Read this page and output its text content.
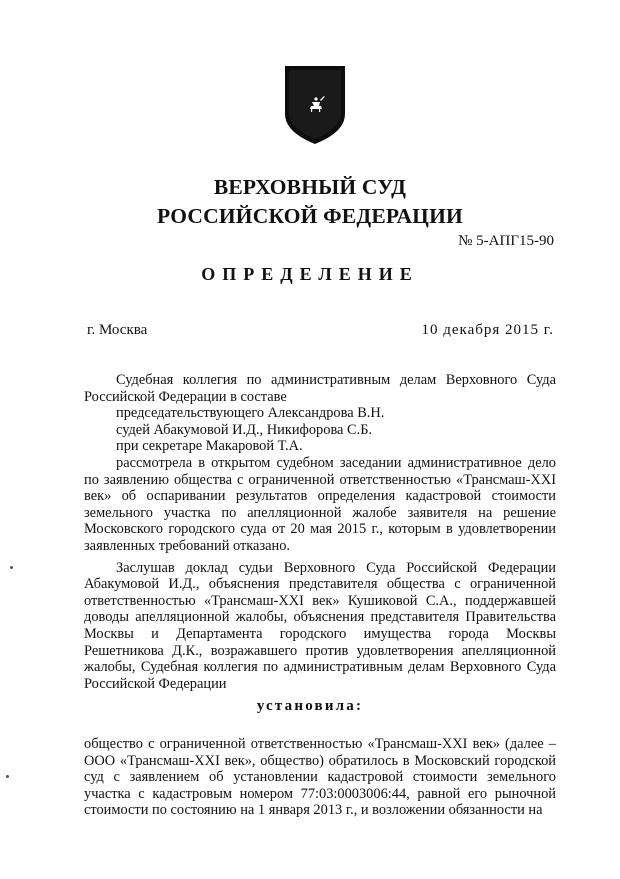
ВЕРХОВНЫЙ СУД
РОССИЙСКОЙ ФЕДЕРАЦИИ
№ 5-АПГ15-90
ОПРЕДЕЛЕНИЕ
г. Москва	10 декабря 2015 г.

Судебная коллегия по административным делам Верховного Суда Российской Федерации в составе

председательствующего Александрова В.Н.

судей Абакумовой И.Д., Никифорова С.Б.

при секретаре Макаровой Т.А.

рассмотрела в открытом судебном заседании административное дело по заявлению общества с ограниченной ответственностью «Трансмаш-XXI век» об оспаривании результатов определения кадастровой стоимости земельного участка по апелляционной жалобе заявителя на решение Московского городского суда от 20 мая 2015 г., которым в удовлетворении заявленных требований отказано.

Заслушав доклад судьи Верховного Суда Российской Федерации Абакумовой И.Д., объяснения представителя общества с ограниченной ответственностью «Трансмаш-XXI век» Кушиковой С.А., поддержавшей доводы апелляционной жалобы, объяснения представителя Правительства Москвы и Департамента городского имущества города Москвы Решетникова Д.К., возражавшего против удовлетворения апелляционной жалобы, Судебная коллегия по административным делам Верховного Суда Российской Федерации

установила:

общество с ограниченной ответственностью «Трансмаш-XXI век» (далее – ООО «Трансмаш-XXI век», общество) обратилось в Московский городской суд с заявлением об установлении кадастровой стоимости земельного участка с кадастровым номером 77:03:0003006:44, равной его рыночной стоимости по состоянию на 1 января 2013 г., и возложении обязанности на
